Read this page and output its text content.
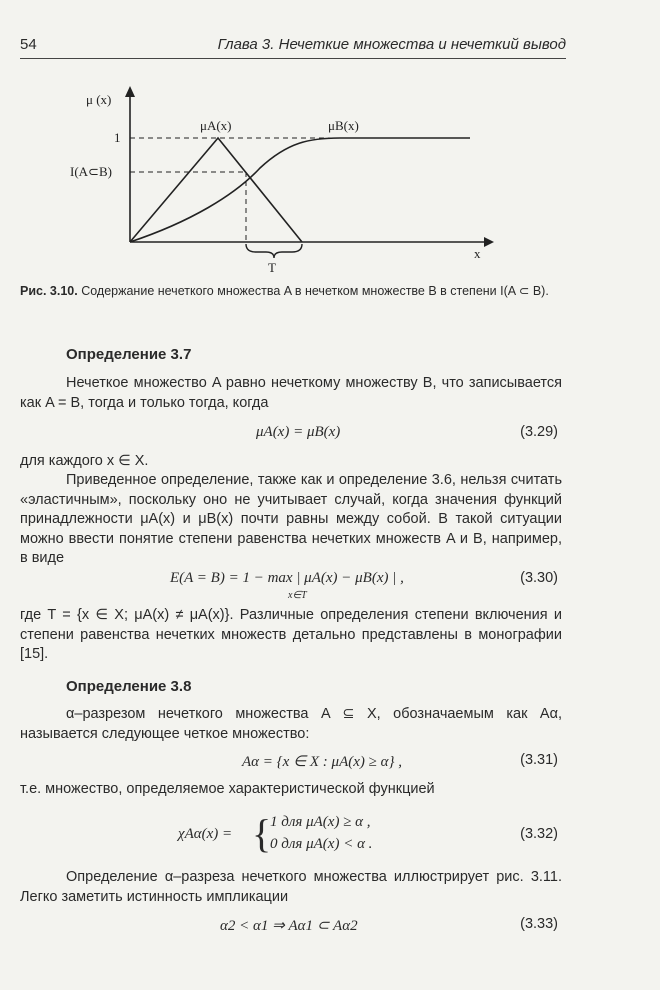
54	Глава 3. Нечеткие множества и нечеткий вывод
μ (x)
1
I(A⊂B)
μA(x)	μB(x)
T
x
Рис. 3.10. Содержание нечеткого множества A в нечетком множестве B в степени I(A ⊂ B).
Определение 3.7
Нечеткое множество A равно нечеткому множеству B, что записывается как A = B, тогда и только тогда, когда
μA(x) = μB(x)	(3.29)
для каждого x ∈ X.
Приведенное определение, также как и определение 3.6, нельзя считать «эластичным», поскольку оно не учитывает случай, когда значения функций принадлежности μA(x) и μB(x) почти равны между собой. В такой ситуации можно ввести понятие степени равенства нечетких множеств A и B, например, в виде
E(A = B) = 1 − max | μA(x) − μB(x) | ,
x∈T
(3.30)
где T = {x ∈ X; μA(x) ≠ μA(x)}. Различные определения степени включения и степени равенства нечетких множеств детально представлены в монографии [15].
Определение 3.8
α–разрезом нечеткого множества A ⊆ X, обозначаемым как Aα, называется следующее четкое множество:
Aα = {x ∈ X : μA(x) ≥ α} ,	(3.31)
т.е. множество, определяемое характеристической функцией
χAα(x) = {
1 для μA(x) ≥ α ,
0 для μA(x) < α .
(3.32)
Определение α–разреза нечеткого множества иллюстрирует рис. 3.11. Легко заметить истинность импликации
α2 < α1 ⇒ Aα1 ⊂ Aα2	(3.33)
